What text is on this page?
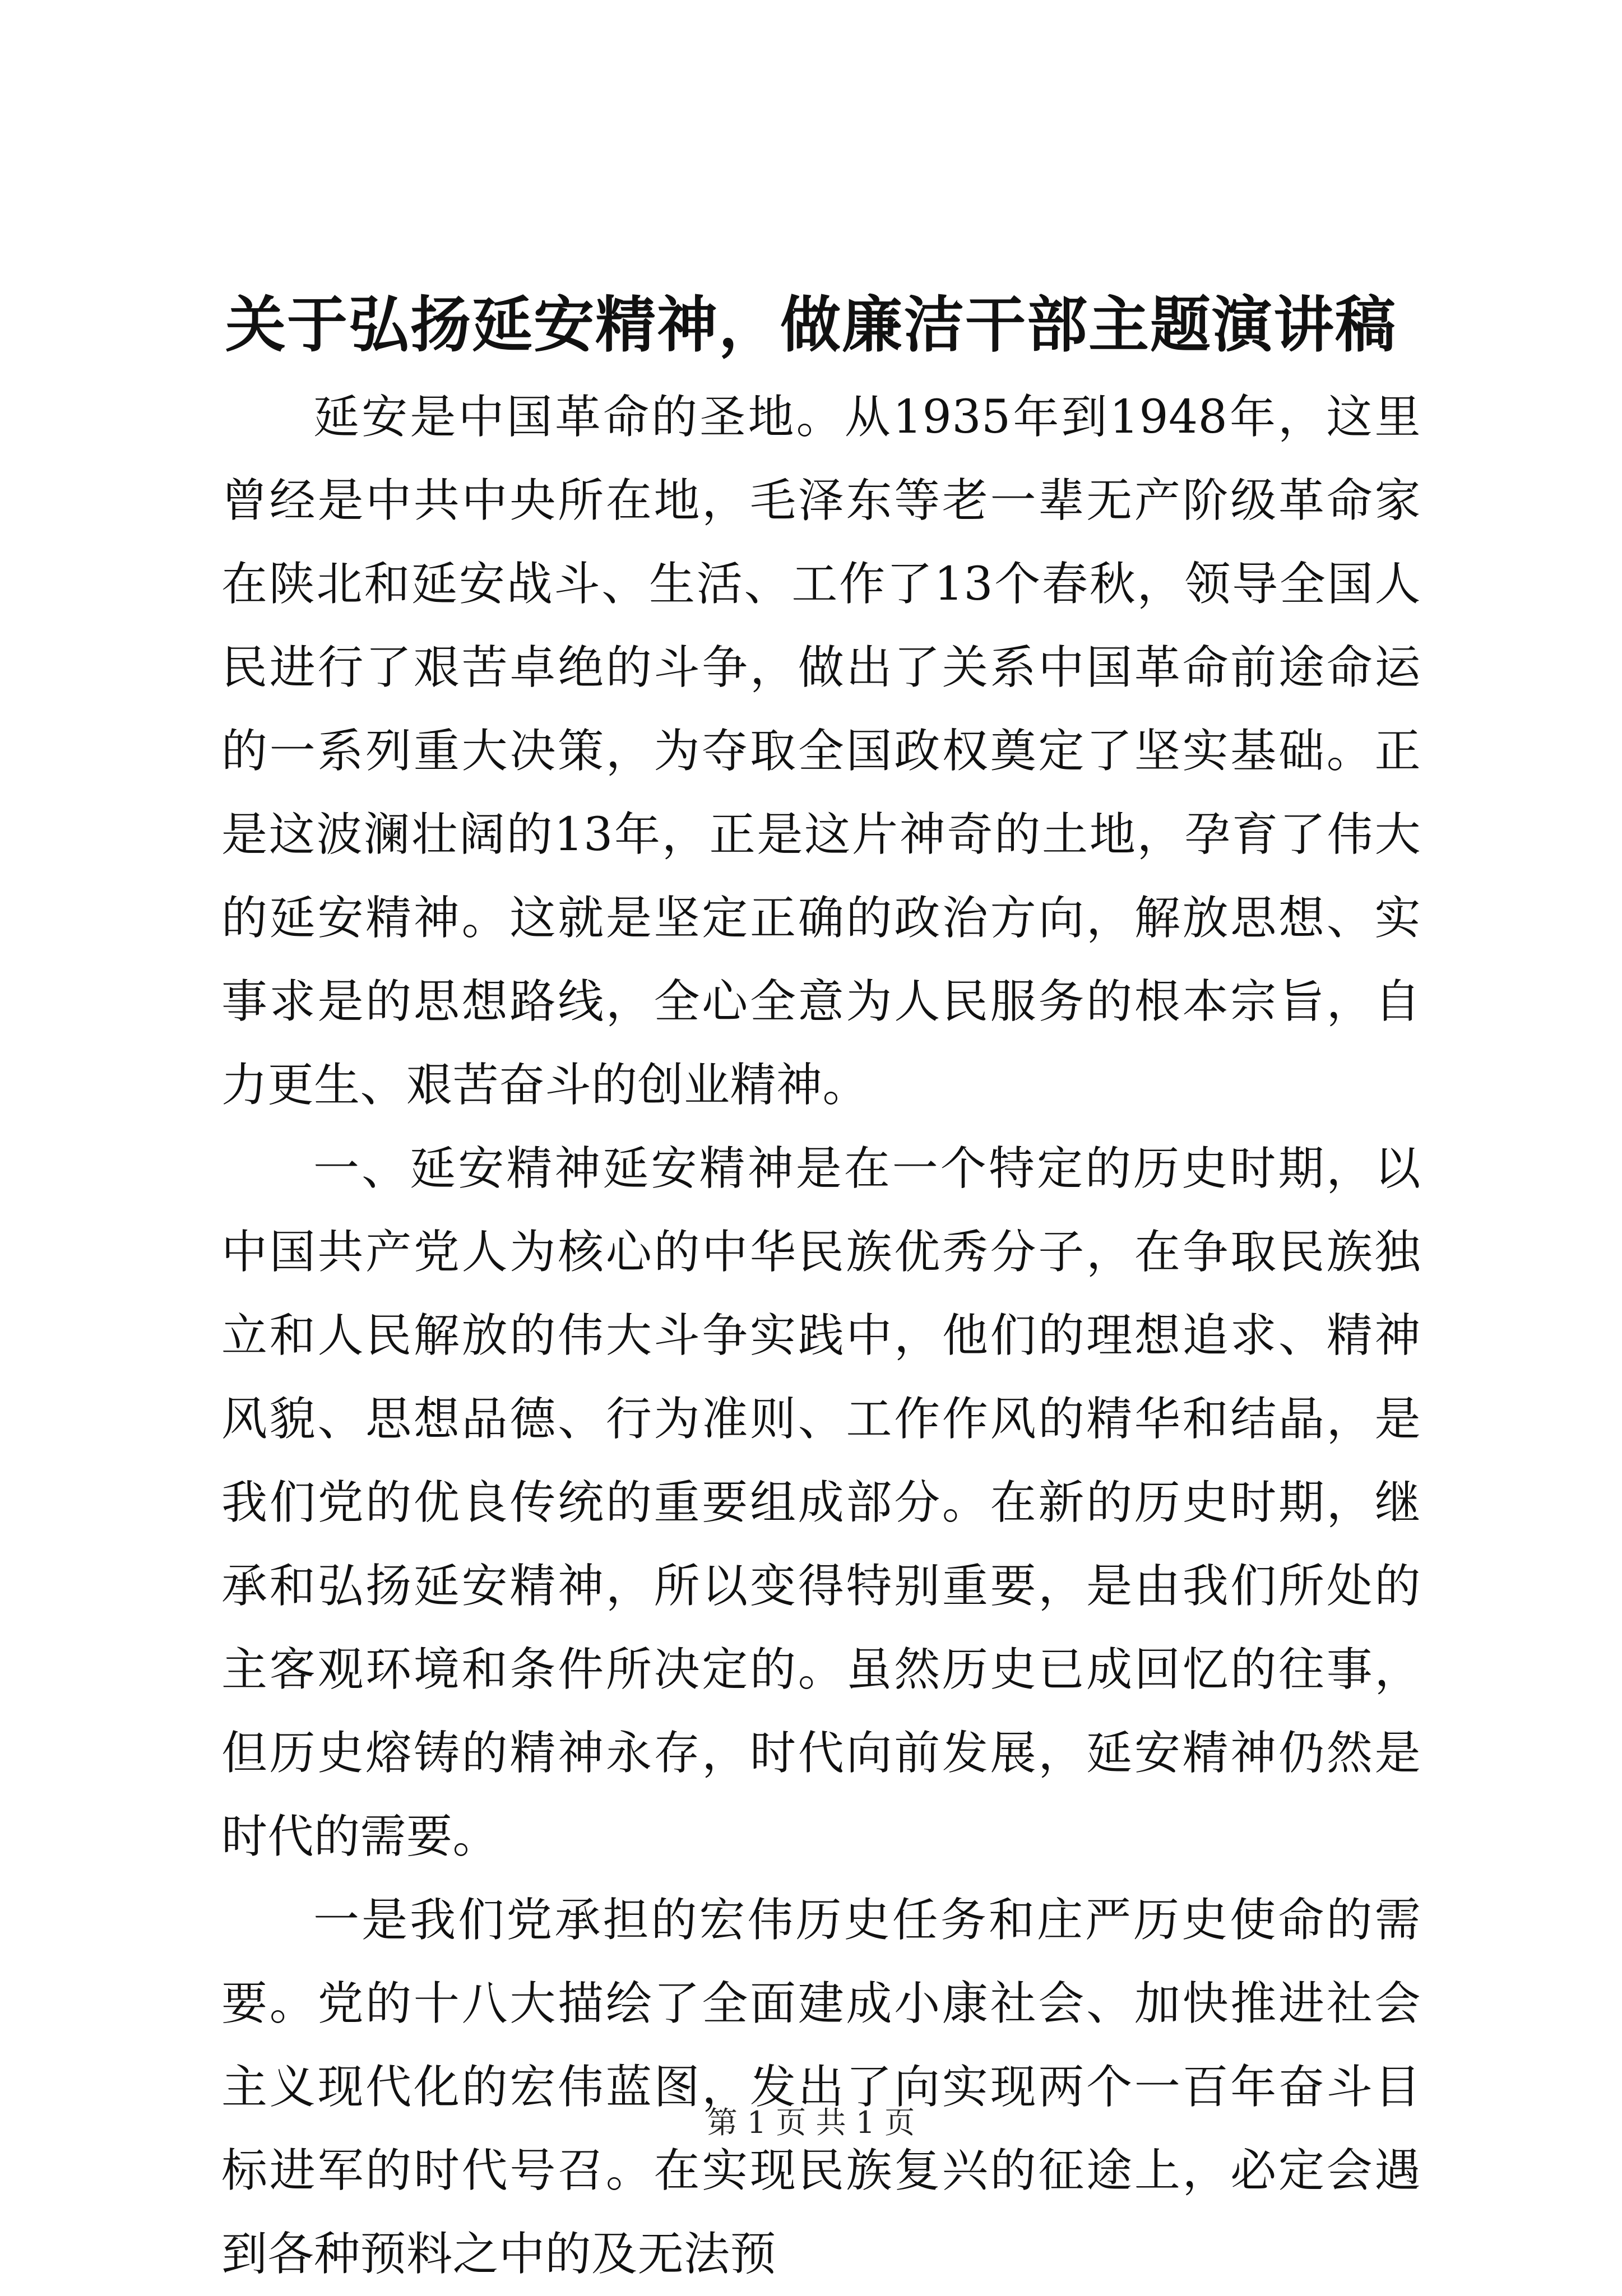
关于弘扬延安精神，做廉洁干部主题演讲稿

延安是中国革命的圣地。从1935年到1948年，这里曾经是中共中央所在地，毛泽东等老一辈无产阶级革命家在陕北和延安战斗、生活、工作了13个春秋，领导全国人民进行了艰苦卓绝的斗争，做出了关系中国革命前途命运的一系列重大决策，为夺取全国政权奠定了坚实基础。正是这波澜壮阔的13年，正是这片神奇的土地，孕育了伟大的延安精神。这就是坚定正确的政治方向，解放思想、实事求是的思想路线，全心全意为人民服务的根本宗旨，自力更生、艰苦奋斗的创业精神。

一、延安精神延安精神是在一个特定的历史时期，以中国共产党人为核心的中华民族优秀分子，在争取民族独立和人民解放的伟大斗争实践中，他们的理想追求、精神风貌、思想品德、行为准则、工作作风的精华和结晶，是我们党的优良传统的重要组成部分。在新的历史时期，继承和弘扬延安精神，所以变得特别重要，是由我们所处的主客观环境和条件所决定的。虽然历史已成回忆的往事，但历史熔铸的精神永存，时代向前发展，延安精神仍然是时代的需要。

一是我们党承担的宏伟历史任务和庄严历史使命的需要。党的十八大描绘了全面建成小康社会、加快推进社会主义现代化的宏伟蓝图，发出了向实现两个一百年奋斗目标进军的时代号召。在实现民族复兴的征途上，必定会遇到各种预料之中的及无法预

第 1 页 共 1 页
